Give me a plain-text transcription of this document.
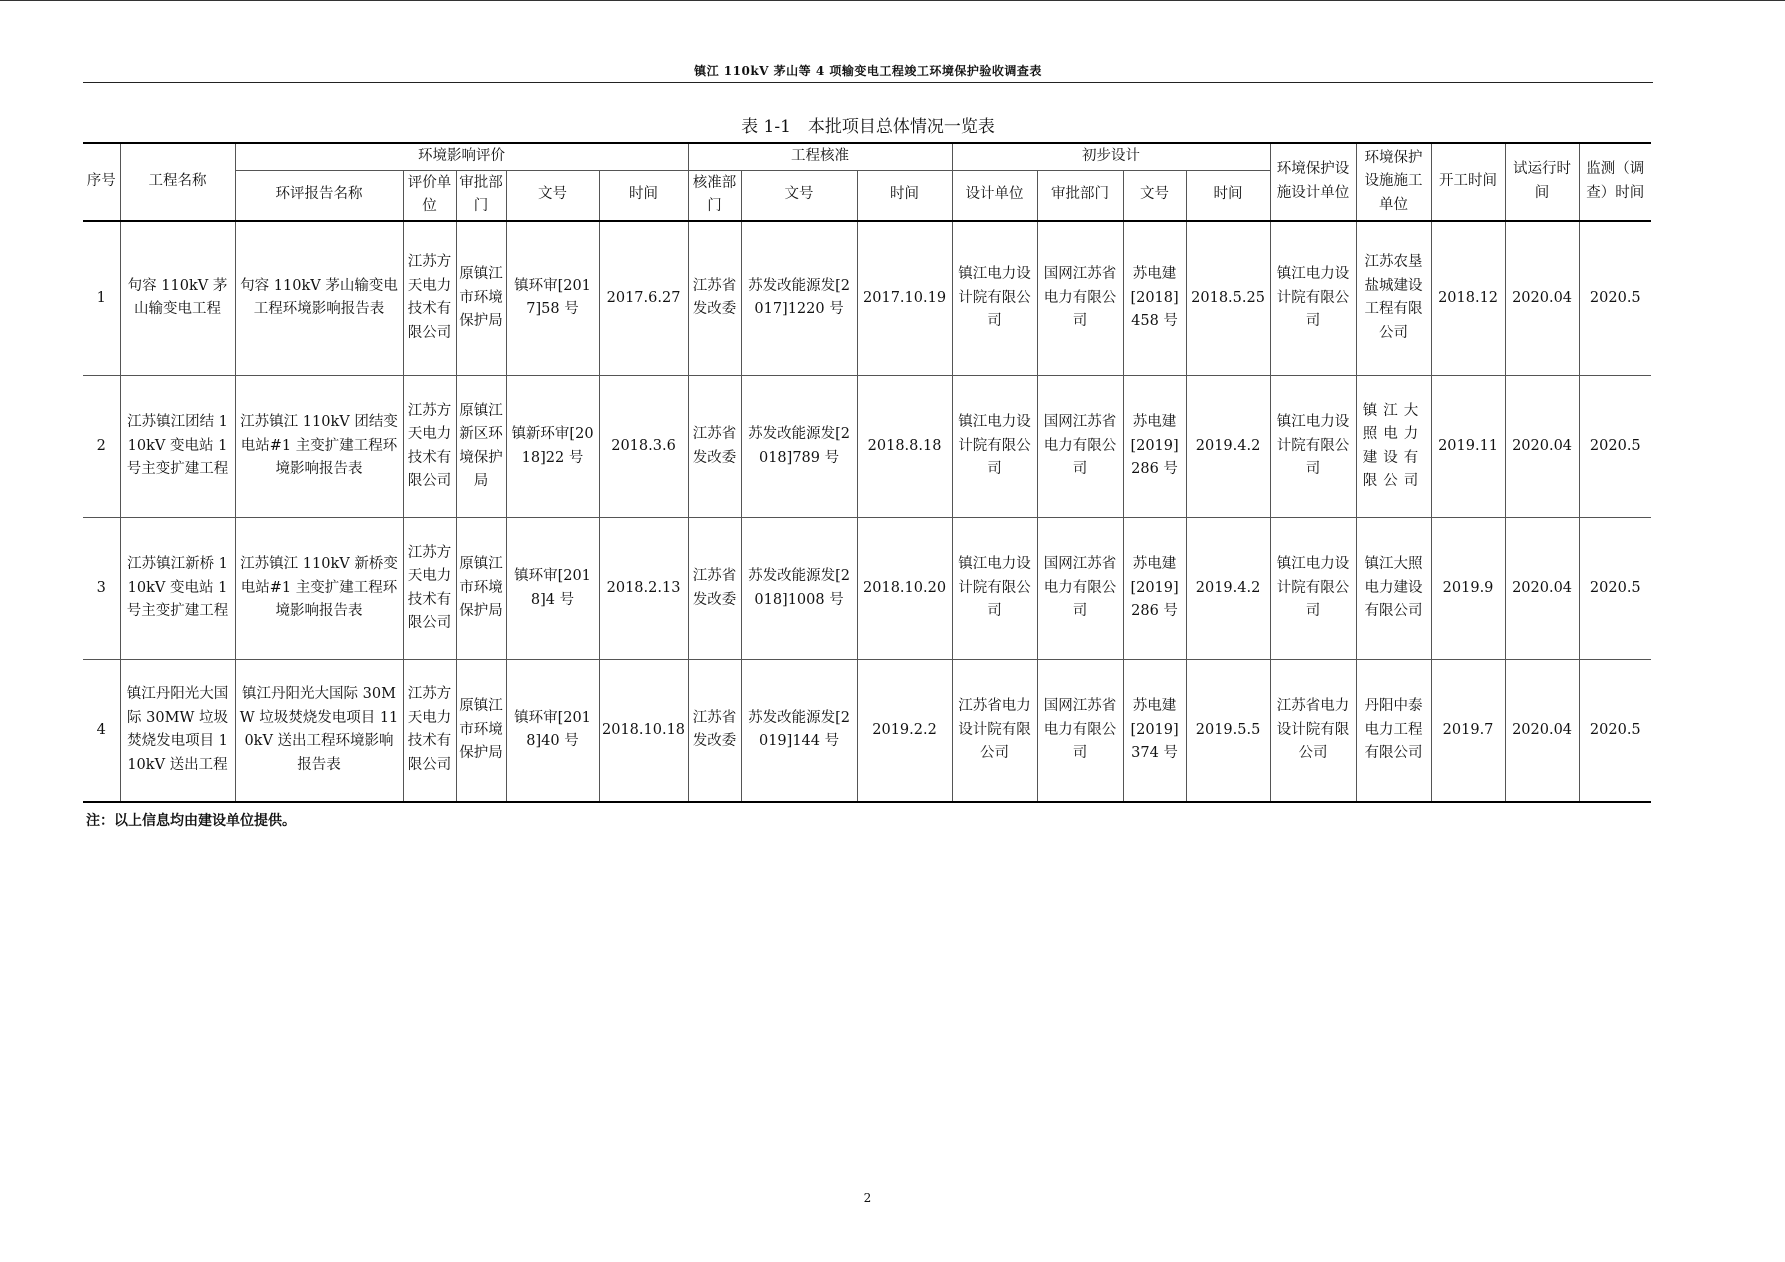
镇江 110kV 茅山等 4 项输变电工程竣工环境保护验收调查表
表 1-1　本批项目总体情况一览表
序号	工程名称	环境影响评价					工程核准			初步设计				环境保护设施设计单位	环境保护设施施工单位	开工时间	试运行时间	监测（调查）时间
		环评报告名称	评价单位	审批部门	文号	时间	核准部门	文号	时间	设计单位	审批部门	文号	时间					
1	句容 110kV 茅山输变电工程	句容 110kV 茅山输变电工程环境影响报告表	江苏方天电力技术有限公司	原镇江市环境保护局	镇环审[2017]58 号	2017.6.27	江苏省发改委	苏发改能源发[2017]1220 号	2017.10.19	镇江电力设计院有限公司	国网江苏省电力有限公司	苏电建[2018] 458 号	2018.5.25	镇江电力设计院有限公司	江苏农垦盐城建设工程有限公司	2018.12	2020.04	2020.5
2	江苏镇江团结 110kV 变电站 1 号主变扩建工程	江苏镇江 110kV 团结变电站#1 主变扩建工程环境影响报告表	江苏方天电力技术有限公司	原镇江新区环境保护局	镇新环审[2018]22 号	2018.3.6	江苏省发改委	苏发改能源发[2018]789 号	2018.8.18	镇江电力设计院有限公司	国网江苏省电力有限公司	苏电建[2019] 286 号	2019.4.2	镇江电力设计院有限公司	镇江大照电力建设有限公司	2019.11	2020.04	2020.5
3	江苏镇江新桥 110kV 变电站 1 号主变扩建工程	江苏镇江 110kV 新桥变电站#1 主变扩建工程环境影响报告表	江苏方天电力技术有限公司	原镇江市环境保护局	镇环审[2018]4 号	2018.2.13	江苏省发改委	苏发改能源发[2018]1008 号	2018.10.20	镇江电力设计院有限公司	国网江苏省电力有限公司	苏电建[2019] 286 号	2019.4.2	镇江电力设计院有限公司	镇江大照电力建设有限公司	2019.9	2020.04	2020.5
4	镇江丹阳光大国际 30MW 垃圾焚烧发电项目 110kV 送出工程	镇江丹阳光大国际 30MW 垃圾焚烧发电项目 110kV 送出工程环境影响报告表	江苏方天电力技术有限公司	原镇江市环境保护局	镇环审[2018]40 号	2018.10.18	江苏省发改委	苏发改能源发[2019]144 号	2019.2.2	江苏省电力设计院有限公司	国网江苏省电力有限公司	苏电建[2019] 374 号	2019.5.5	江苏省电力设计院有限公司	丹阳中泰电力工程有限公司	2019.7	2020.04	2020.5
注：以上信息均由建设单位提供。
2
